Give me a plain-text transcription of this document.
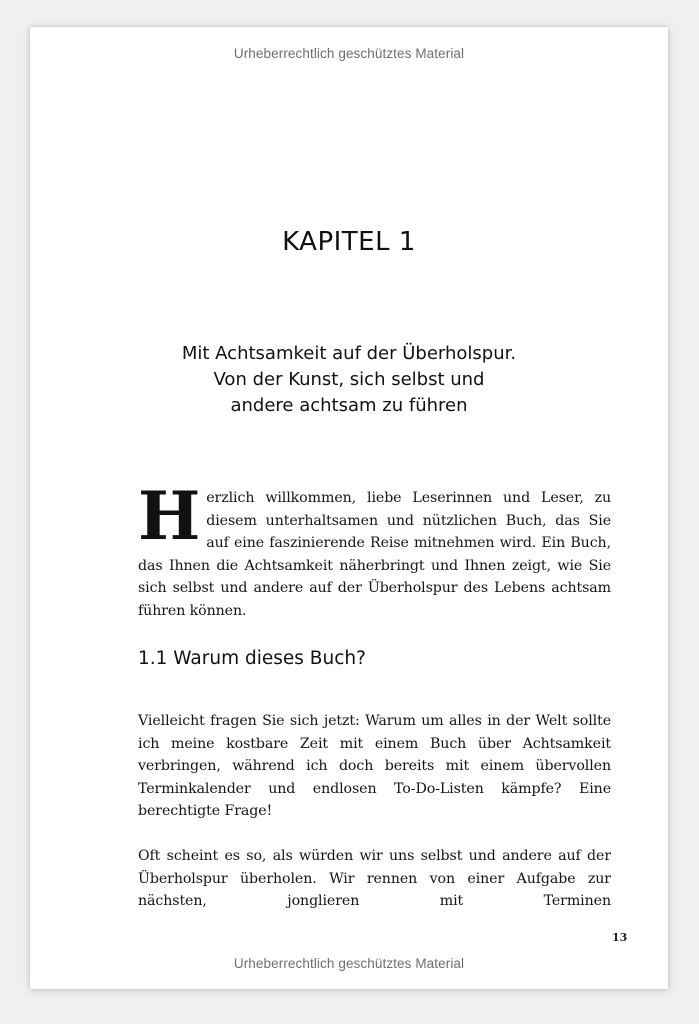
Urheberrechtlich geschütztes Material
KAPITEL 1
Mit Achtsamkeit auf der Überholspur.
Von der Kunst, sich selbst und
andere achtsam zu führen
H erzlich willkommen, liebe Leserinnen und Leser, zu diesem unterhaltsamen und nützlichen Buch, das Sie auf eine faszinierende Reise mitnehmen wird. Ein Buch, das Ihnen die Achtsamkeit näherbringt und Ihnen zeigt, wie Sie sich selbst und andere auf der Überholspur des Lebens achtsam führen können.
1.1 Warum dieses Buch?
Vielleicht fragen Sie sich jetzt: Warum um alles in der Welt sollte ich meine kostbare Zeit mit einem Buch über Achtsamkeit verbringen, während ich doch bereits mit einem übervollen Terminkalender und endlosen To-Do-Listen kämpfe? Eine berechtigte Frage!
Oft scheint es so, als würden wir uns selbst und andere auf der Überholspur überholen. Wir rennen von einer Aufgabe zur nächsten, jonglieren mit Terminen
13
Urheberrechtlich geschütztes Material
